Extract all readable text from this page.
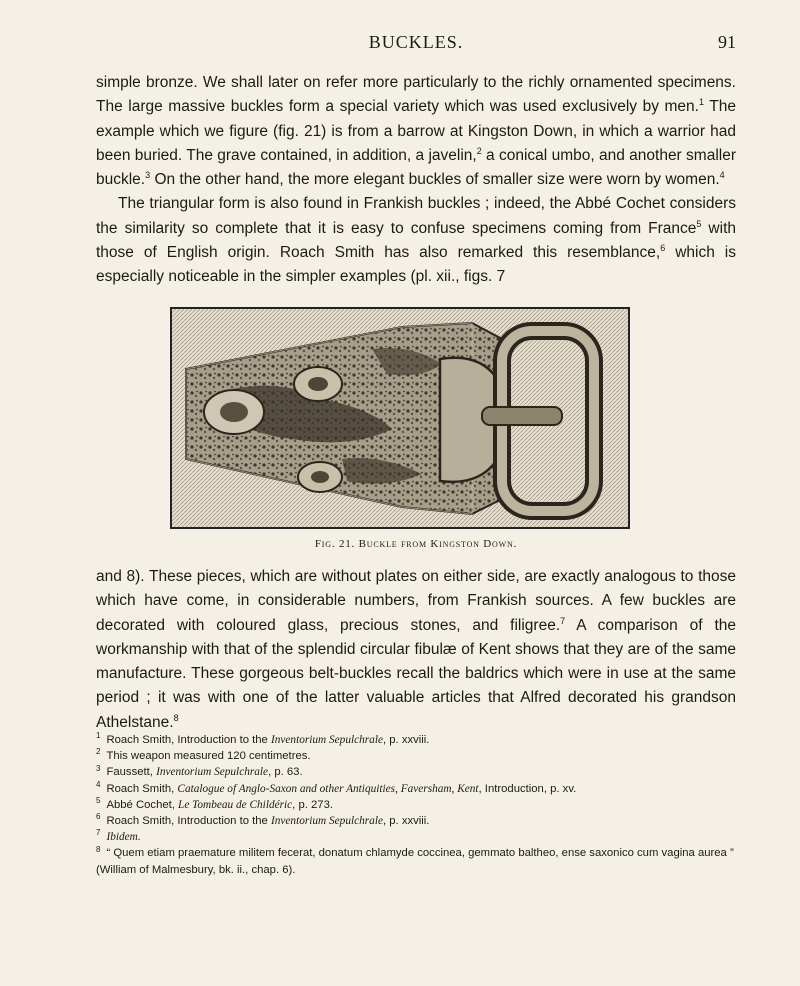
BUCKLES.	91

simple bronze. We shall later on refer more particularly to the richly ornamented specimens. The large massive buckles form a special variety which was used exclusively by men.$^1$ The example which we figure (fig. 21) is from a barrow at Kingston Down, in which a warrior had been buried. The grave contained, in addition, a javelin,$^2$ a conical umbo, and another smaller buckle.$^3$ On the other hand, the more elegant buckles of smaller size were worn by women.$^4$

The triangular form is also found in Frankish buckles ; indeed, the Abbé Cochet considers the similarity so complete that it is easy to confuse specimens coming from France$^5$ with those of English origin. Roach Smith has also remarked this resemblance,$^6$ which is especially noticeable in the simpler examples (pl. xii., figs. 7

Fig. 21. Buckle from Kingston Down.

and 8). These pieces, which are without plates on either side, are exactly analogous to those which have come, in considerable numbers, from Frankish sources. A few buckles are decorated with coloured glass, precious stones, and filigree.$^7$ A comparison of the workmanship with that of the splendid circular fibulæ of Kent shows that they are of the same manufacture. These gorgeous belt-buckles recall the baldrics which were in use at the same period ; it was with one of the latter valuable articles that Alfred decorated his grandson Athelstane.$^8$

$^1$ Roach Smith, Introduction to the Inventorium Sepulchrale, p. xxviii.

$^2$ This weapon measured 120 centimetres.

$^3$ Faussett, Inventorium Sepulchrale, p. 63.

$^4$ Roach Smith, Catalogue of Anglo-Saxon and other Antiquities, Faversham, Kent, Introduction, p. xv.

$^5$ Abbé Cochet, Le Tombeau de Childéric, p. 273.

$^6$ Roach Smith, Introduction to the Inventorium Sepulchrale, p. xxviii.

$^7$ Ibidem.

$^8$ “ Quem etiam praematurе militem fecerat, donatum chlamyde coccinea, gemmato baltheo, ense saxonico cum vagina aurea ” (William of Malmesbury, bk. ii., chap. 6).
